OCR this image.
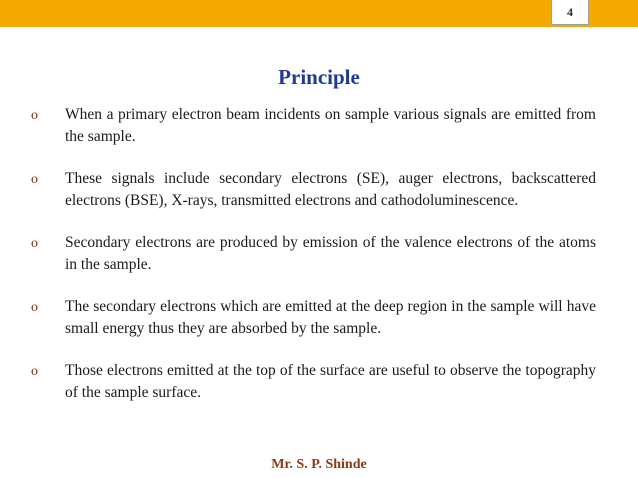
4
Principle
o When a primary electron beam incidents on sample various signals are emitted from the sample.
o These signals include secondary electrons (SE), auger electrons, backscattered electrons (BSE), X-rays, transmitted electrons and cathodoluminescence.
o Secondary electrons are produced by emission of the valence electrons of the atoms in the sample.
o The secondary electrons which are emitted at the deep region in the sample will have small energy thus they are absorbed by the sample.
o Those electrons emitted at the top of the surface are useful to observe the topography of the sample surface.
Mr. S. P. Shinde
